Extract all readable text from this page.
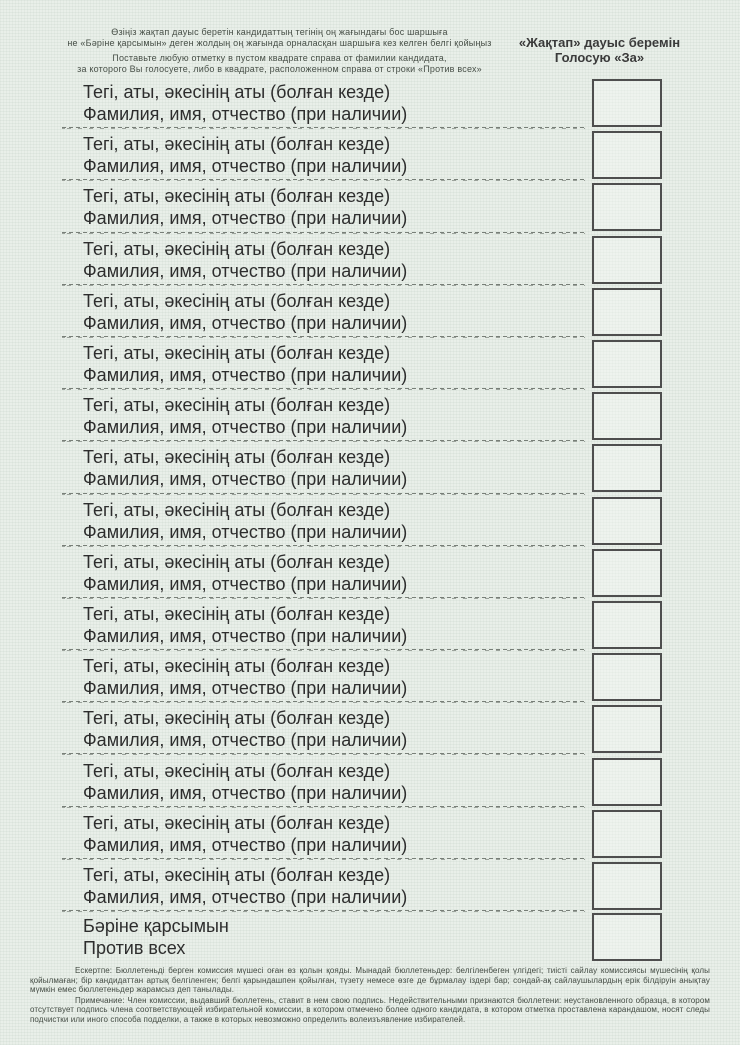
Өзіңіз жақтап дауыс беретін кандидаттың тегінің оң жағындағы бос шаршыға
не «Бәріне қарсымын» деген жолдың оң жағында орналасқан шаршыға кез келген белгі қойыңыз
Поставьте любую отметку в пустом квадрате справа от фамилии кандидата,
за которого Вы голосуете, либо в квадрате, расположенном справа от строки «Против всех»
«Жақтап» дауыс беремін
Голосую «За»
Тегі, аты, әкесінің аты (болған кезде)
Фамилия, имя, отчество (при наличии)
Тегі, аты, әкесінің аты (болған кезде)
Фамилия, имя, отчество (при наличии)
Тегі, аты, әкесінің аты (болған кезде)
Фамилия, имя, отчество (при наличии)
Тегі, аты, әкесінің аты (болған кезде)
Фамилия, имя, отчество (при наличии)
Тегі, аты, әкесінің аты (болған кезде)
Фамилия, имя, отчество (при наличии)
Тегі, аты, әкесінің аты (болған кезде)
Фамилия, имя, отчество (при наличии)
Тегі, аты, әкесінің аты (болған кезде)
Фамилия, имя, отчество (при наличии)
Тегі, аты, әкесінің аты (болған кезде)
Фамилия, имя, отчество (при наличии)
Тегі, аты, әкесінің аты (болған кезде)
Фамилия, имя, отчество (при наличии)
Тегі, аты, әкесінің аты (болған кезде)
Фамилия, имя, отчество (при наличии)
Тегі, аты, әкесінің аты (болған кезде)
Фамилия, имя, отчество (при наличии)
Тегі, аты, әкесінің аты (болған кезде)
Фамилия, имя, отчество (при наличии)
Тегі, аты, әкесінің аты (болған кезде)
Фамилия, имя, отчество (при наличии)
Тегі, аты, әкесінің аты (болған кезде)
Фамилия, имя, отчество (при наличии)
Тегі, аты, әкесінің аты (болған кезде)
Фамилия, имя, отчество (при наличии)
Тегі, аты, әкесінің аты (болған кезде)
Фамилия, имя, отчество (при наличии)
Бәріне қарсымын
Против всех

Ескертпе: Бюллетеньді берген комиссия мүшесі оған өз қолын қояды. Мынадай бюллетеньдер: белгіленбеген үлгідегі; тиісті сайлау комиссиясы мүшесінің қолы қойылмаған; бір кандидаттан артық белгіленген; белгі қарындашпен қойылған, түзету немесе өзге де бұрмалау іздері бар; сондай-ақ сайлаушылардың ерік білдіруін анықтау мүмкін емес бюллетеньдер жарамсыз деп танылады.

Примечание: Член комиссии, выдавший бюллетень, ставит в нем свою подпись. Недействительными признаются бюллетени: неустановленного образца, в котором отсутствует подпись члена соответствующей избирательной комиссии, в котором отмечено более одного кандидата, в котором отметка проставлена карандашом, носят следы подчистки или иного способа подделки, а также в которых невозможно определить волеизъявление избирателей.
